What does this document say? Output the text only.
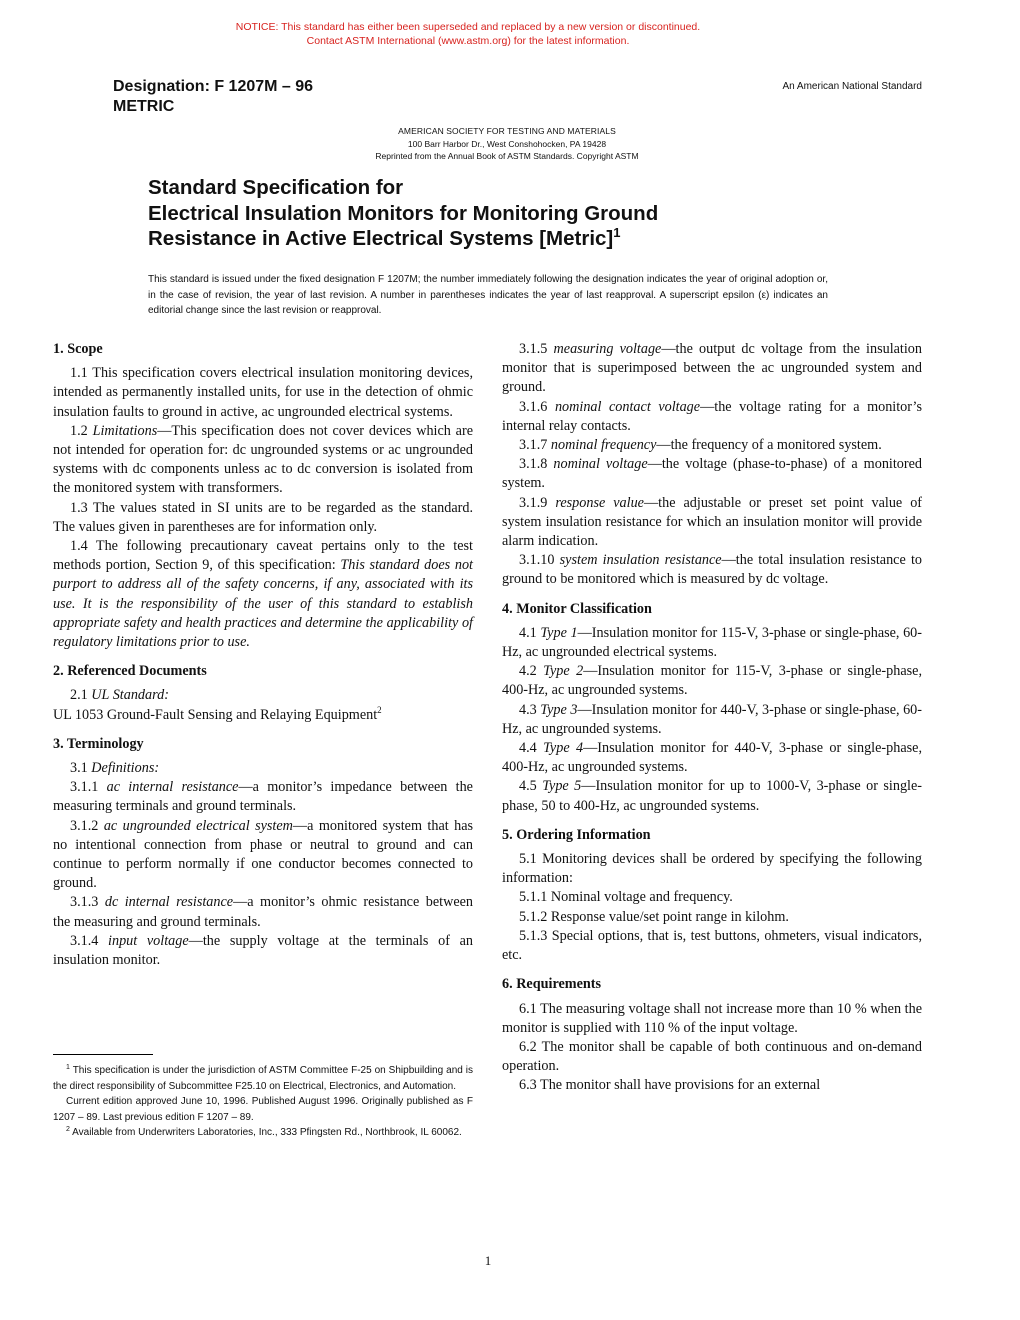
NOTICE: This standard has either been superseded and replaced by a new version or discontinued.
Contact ASTM International (www.astm.org) for the latest information.
Designation: F 1207M – 96
METRIC
An American National Standard
AMERICAN SOCIETY FOR TESTING AND MATERIALS
100 Barr Harbor Dr., West Conshohocken, PA 19428
Reprinted from the Annual Book of ASTM Standards. Copyright ASTM
Standard Specification for
Electrical Insulation Monitors for Monitoring Ground
Resistance in Active Electrical Systems [Metric]$^1$
This standard is issued under the fixed designation F 1207M; the number immediately following the designation indicates the year of original adoption or, in the case of revision, the year of last revision. A number in parentheses indicates the year of last reapproval. A superscript epsilon (ε) indicates an editorial change since the last revision or reapproval.
1. Scope

1.1 This specification covers electrical insulation monitoring devices, intended as permanently installed units, for use in the detection of ohmic insulation faults to ground in active, ac ungrounded electrical systems.

1.2 Limitations—This specification does not cover devices which are not intended for operation for: dc ungrounded systems or ac ungrounded systems with dc components unless ac to dc conversion is isolated from the monitored system with transformers.

1.3 The values stated in SI units are to be regarded as the standard. The values given in parentheses are for information only.

1.4 The following precautionary caveat pertains only to the test methods portion, Section 9, of this specification: This standard does not purport to address all of the safety concerns, if any, associated with its use. It is the responsibility of the user of this standard to establish appropriate safety and health practices and determine the applicability of regulatory limitations prior to use.

2. Referenced Documents

2.1 UL Standard:

UL 1053 Ground-Fault Sensing and Relaying Equipment$^2$

3. Terminology

3.1 Definitions:

3.1.1 ac internal resistance—a monitor’s impedance between the measuring terminals and ground terminals.

3.1.2 ac ungrounded electrical system—a monitored system that has no intentional connection from phase or neutral to ground and can continue to perform normally if one conductor becomes connected to ground.

3.1.3 dc internal resistance—a monitor’s ohmic resistance between the measuring and ground terminals.

3.1.4 input voltage—the supply voltage at the terminals of an insulation monitor.

$^1$ This specification is under the jurisdiction of ASTM Committee F-25 on Shipbuilding and is the direct responsibility of Subcommittee F25.10 on Electrical, Electronics, and Automation.

Current edition approved June 10, 1996. Published August 1996. Originally published as F 1207 – 89. Last previous edition F 1207 – 89.

$^2$ Available from Underwriters Laboratories, Inc., 333 Pfingsten Rd., Northbrook, IL 60062.

3.1.5 measuring voltage—the output dc voltage from the insulation monitor that is superimposed between the ac ungrounded system and ground.

3.1.6 nominal contact voltage—the voltage rating for a monitor’s internal relay contacts.

3.1.7 nominal frequency—the frequency of a monitored system.

3.1.8 nominal voltage—the voltage (phase-to-phase) of a monitored system.

3.1.9 response value—the adjustable or preset set point value of system insulation resistance for which an insulation monitor will provide alarm indication.

3.1.10 system insulation resistance—the total insulation resistance to ground to be monitored which is measured by dc voltage.

4. Monitor Classification

4.1 Type 1—Insulation monitor for 115-V, 3-phase or single-phase, 60-Hz, ac ungrounded electrical systems.

4.2 Type 2—Insulation monitor for 115-V, 3-phase or single-phase, 400-Hz, ac ungrounded systems.

4.3 Type 3—Insulation monitor for 440-V, 3-phase or single-phase, 60-Hz, ac ungrounded systems.

4.4 Type 4—Insulation monitor for 440-V, 3-phase or single-phase, 400-Hz, ac ungrounded systems.

4.5 Type 5—Insulation monitor for up to 1000-V, 3-phase or single-phase, 50 to 400-Hz, ac ungrounded systems.

5. Ordering Information

5.1 Monitoring devices shall be ordered by specifying the following information:

5.1.1 Nominal voltage and frequency.

5.1.2 Response value/set point range in kilohm.

5.1.3 Special options, that is, test buttons, ohmeters, visual indicators, etc.

6. Requirements

6.1 The measuring voltage shall not increase more than 10 % when the monitor is supplied with 110 % of the input voltage.

6.2 The monitor shall be capable of both continuous and on-demand operation.

6.3 The monitor shall have provisions for an external

1
